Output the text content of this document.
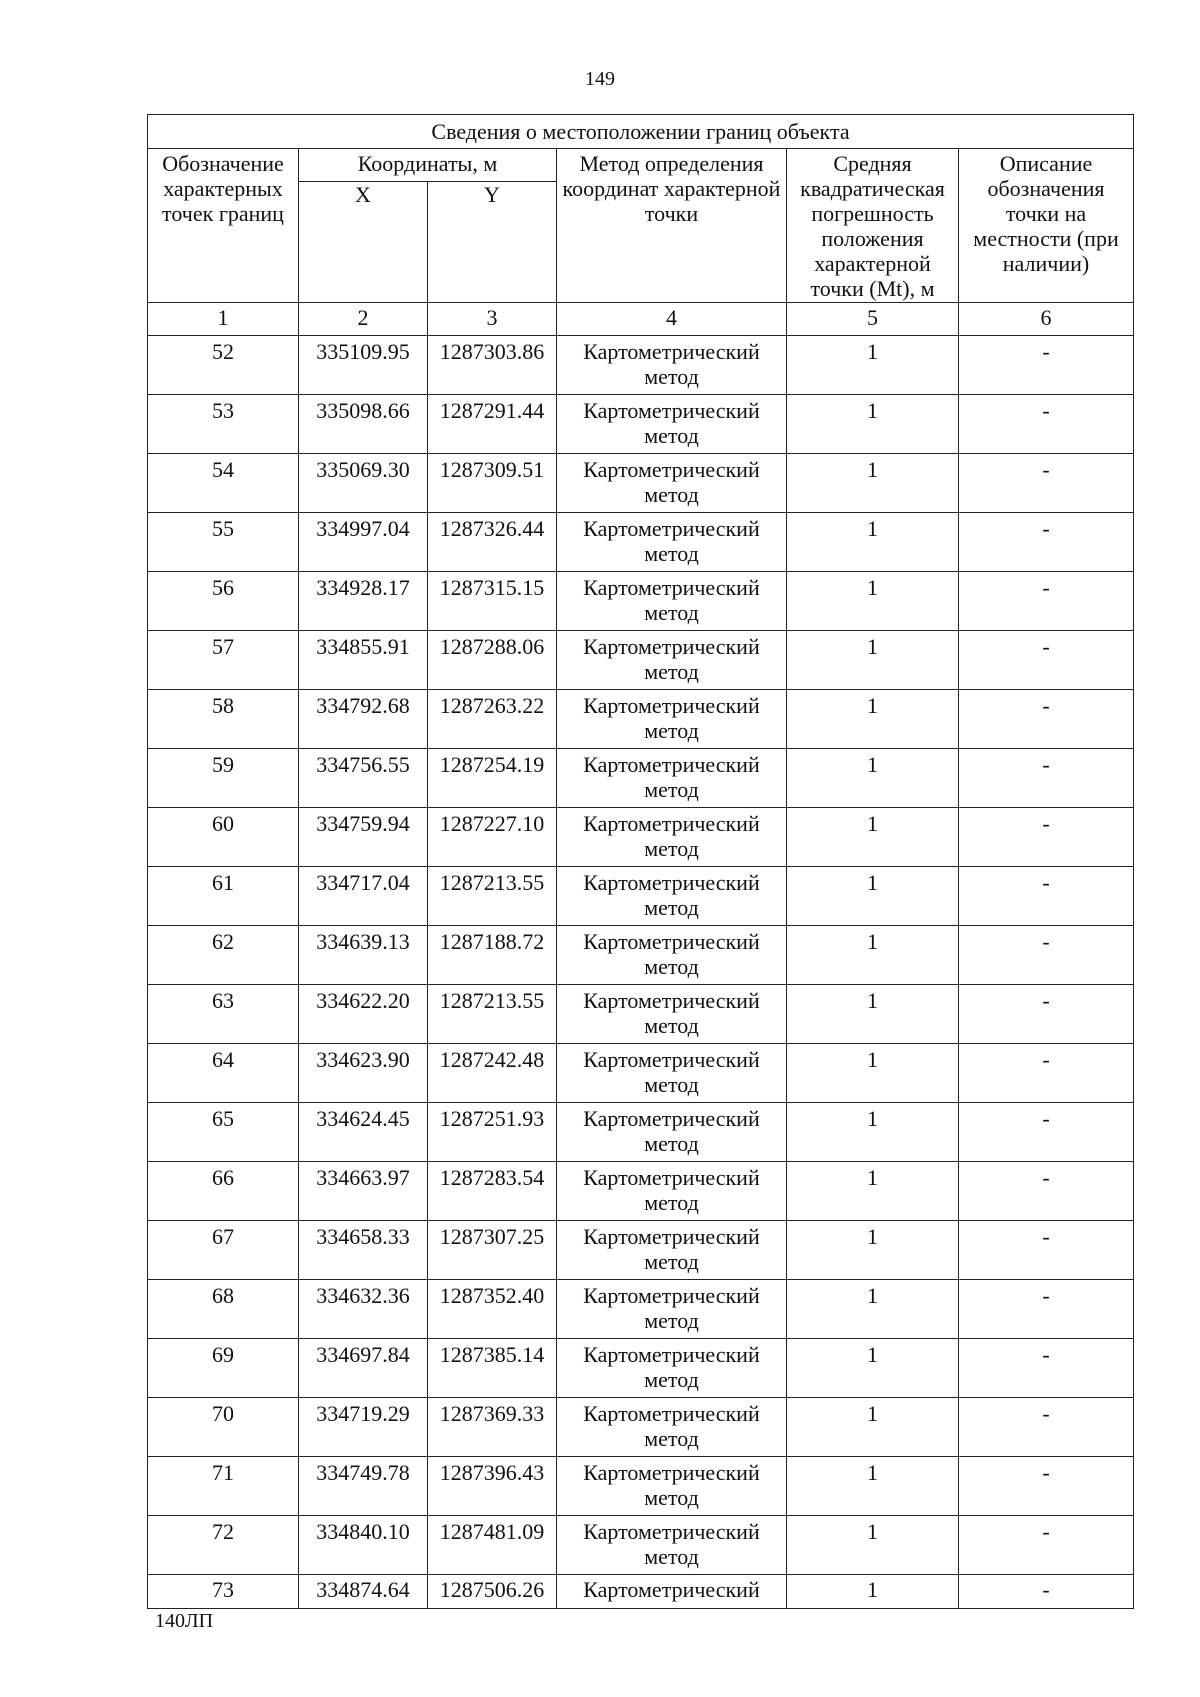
149
Сведения о местоположении границ объекта					
Обозначение характерных точек границ	Координаты, м		Метод определения координат характерной точки	Средняя квадратическая погрешность положения характерной точки (Mt), м	Описание обозначения точки на местности (при наличии)
	X	Y			
1	2	3	4	5	6
52	335109.95	1287303.86	Картометрический метод	1	-
53	335098.66	1287291.44	Картометрический метод	1	-
54	335069.30	1287309.51	Картометрический метод	1	-
55	334997.04	1287326.44	Картометрический метод	1	-
56	334928.17	1287315.15	Картометрический метод	1	-
57	334855.91	1287288.06	Картометрический метод	1	-
58	334792.68	1287263.22	Картометрический метод	1	-
59	334756.55	1287254.19	Картометрический метод	1	-
60	334759.94	1287227.10	Картометрический метод	1	-
61	334717.04	1287213.55	Картометрический метод	1	-
62	334639.13	1287188.72	Картометрический метод	1	-
63	334622.20	1287213.55	Картометрический метод	1	-
64	334623.90	1287242.48	Картометрический метод	1	-
65	334624.45	1287251.93	Картометрический метод	1	-
66	334663.97	1287283.54	Картометрический метод	1	-
67	334658.33	1287307.25	Картометрический метод	1	-
68	334632.36	1287352.40	Картометрический метод	1	-
69	334697.84	1287385.14	Картометрический метод	1	-
70	334719.29	1287369.33	Картометрический метод	1	-
71	334749.78	1287396.43	Картометрический метод	1	-
72	334840.10	1287481.09	Картометрический метод	1	-
73	334874.64	1287506.26	Картометрический	1	-
140ЛП
